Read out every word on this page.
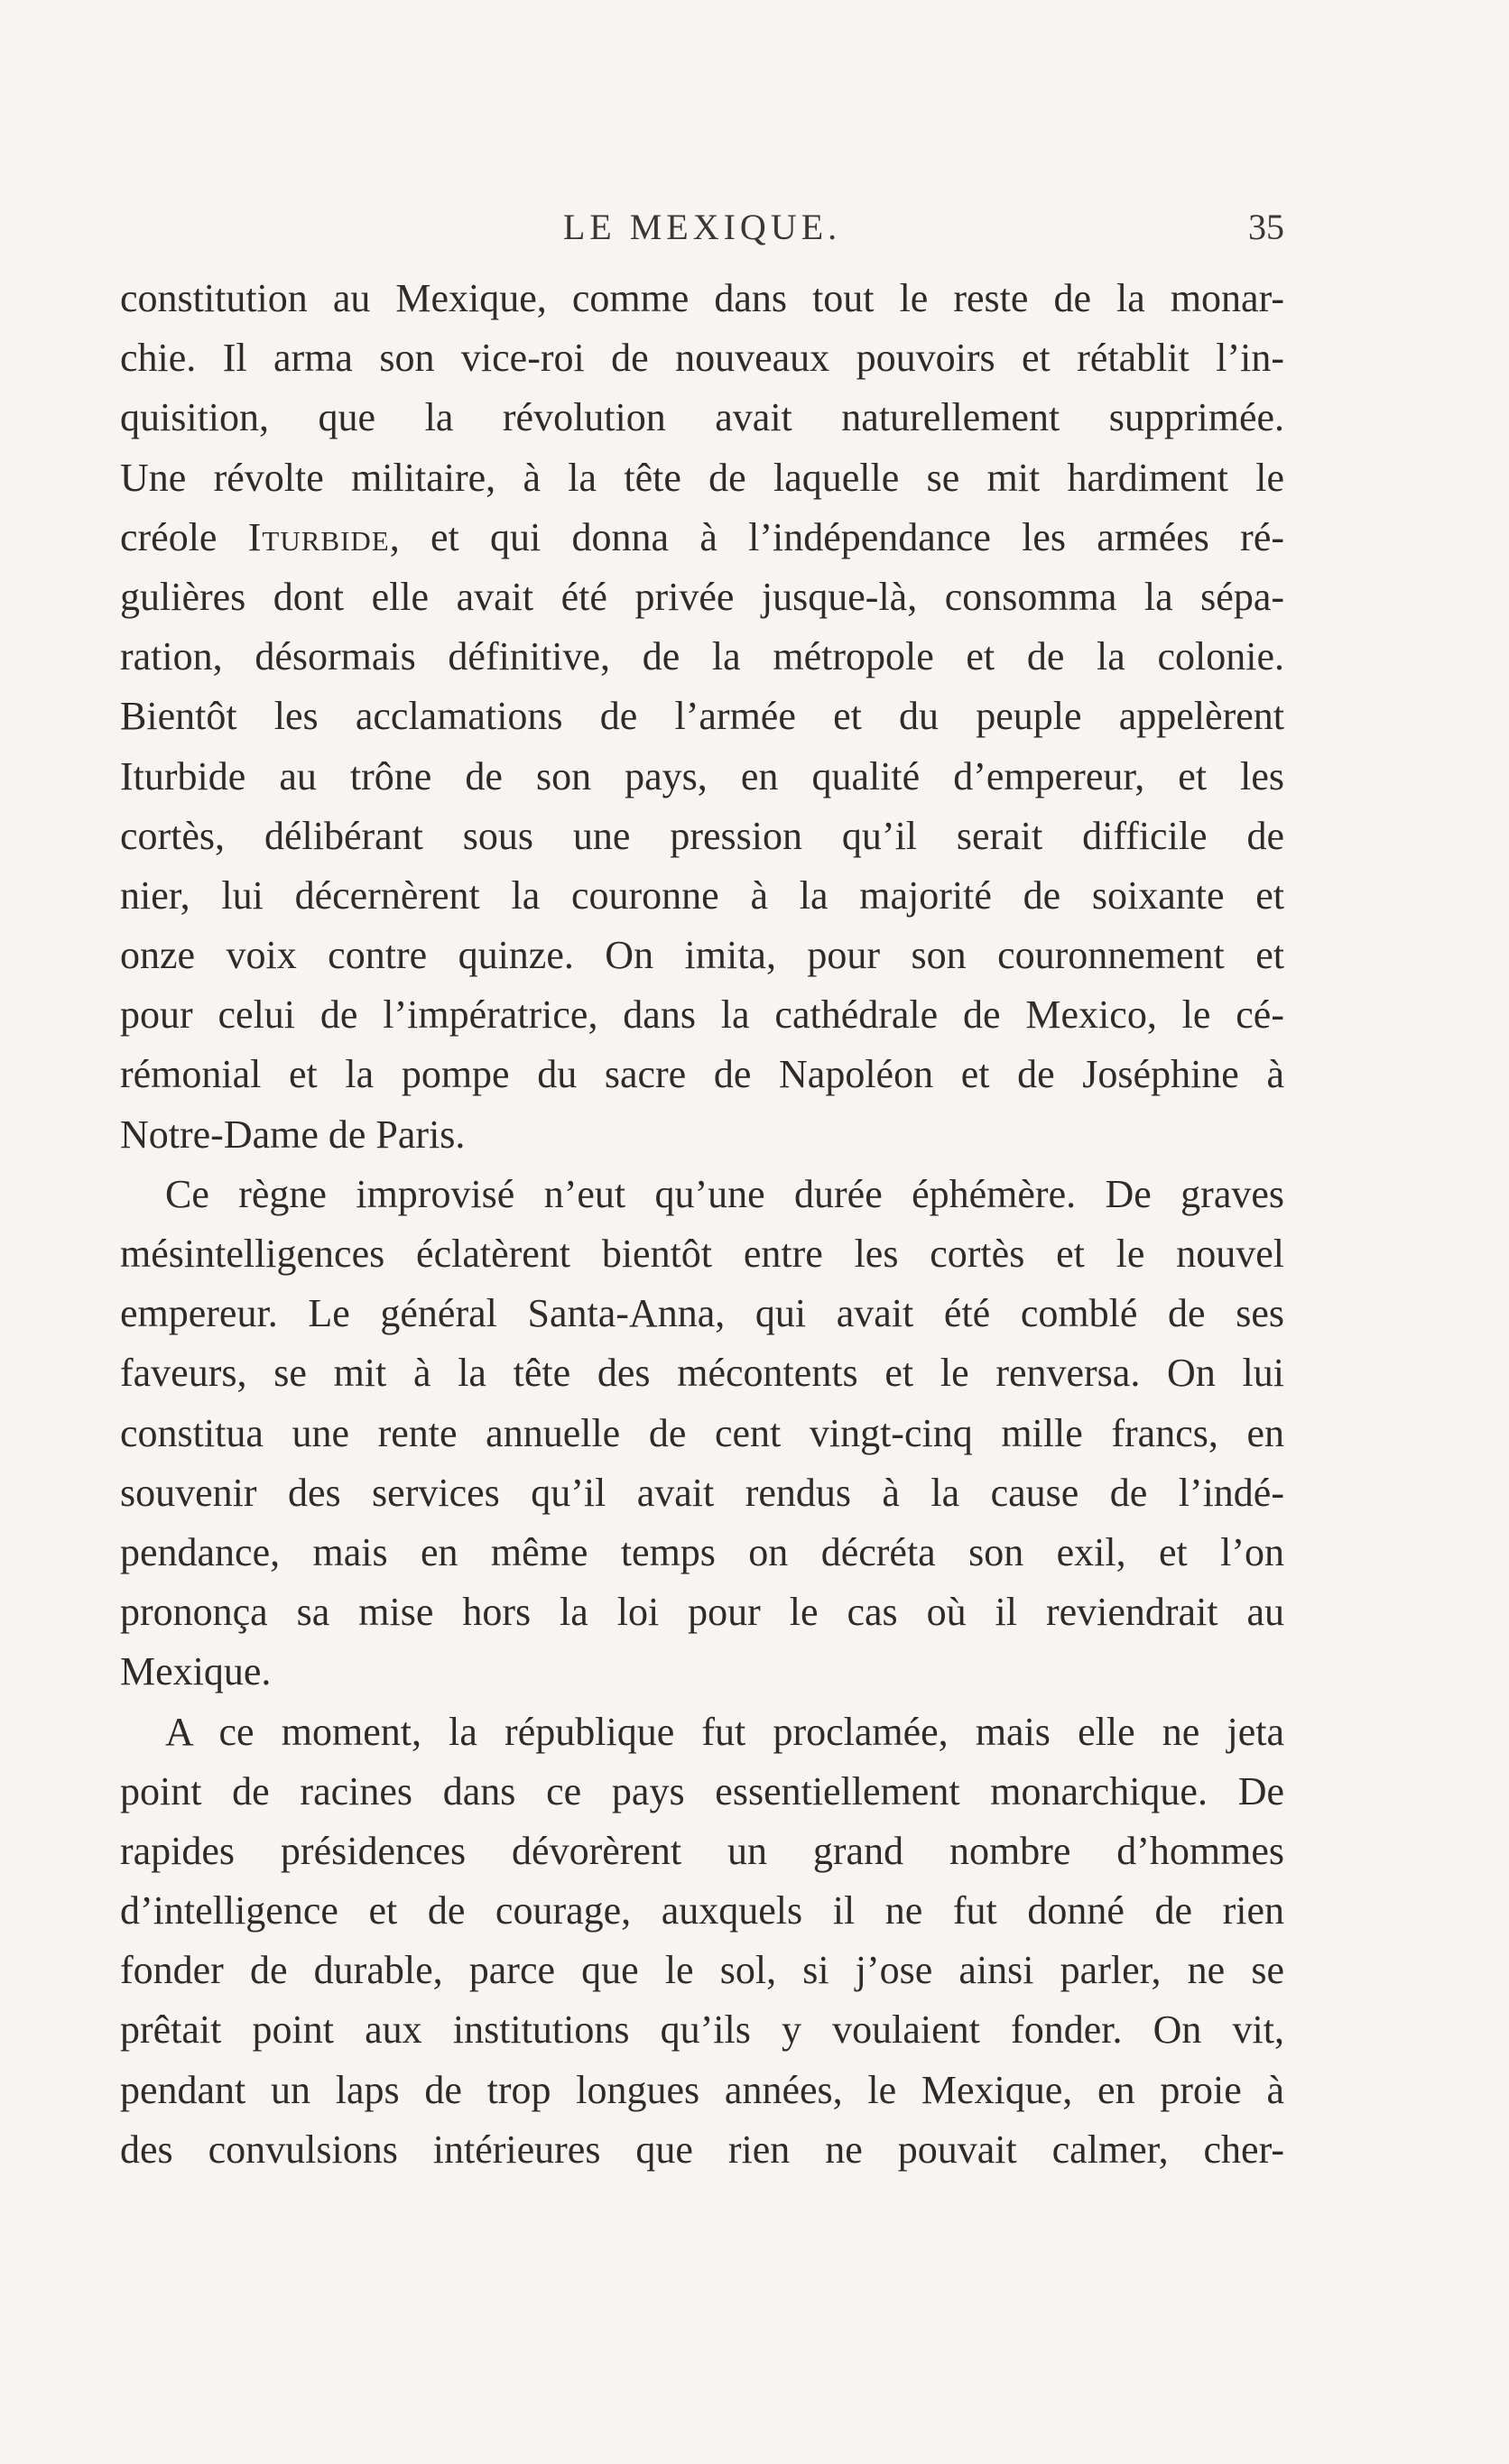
LE MEXIQUE.	35
constitution au Mexique, comme dans tout le reste de la monar-
chie. Il arma son vice-roi de nouveaux pouvoirs et rétablit l’in-
quisition, que la révolution avait naturellement supprimée.
Une révolte militaire, à la tête de laquelle se mit hardiment le
créole Iturbide, et qui donna à l’indépendance les armées ré-
gulières dont elle avait été privée jusque-là, consomma la sépa-
ration, désormais définitive, de la métropole et de la colonie.
Bientôt les acclamations de l’armée et du peuple appelèrent
Iturbide au trône de son pays, en qualité d’empereur, et les
cortès, délibérant sous une pression qu’il serait difficile de
nier, lui décernèrent la couronne à la majorité de soixante et
onze voix contre quinze. On imita, pour son couronnement et
pour celui de l’impératrice, dans la cathédrale de Mexico, le cé-
rémonial et la pompe du sacre de Napoléon et de Joséphine à
Notre-Dame de Paris.
Ce règne improvisé n’eut qu’une durée éphémère. De graves
mésintelligences éclatèrent bientôt entre les cortès et le nouvel
empereur. Le général Santa-Anna, qui avait été comblé de ses
faveurs, se mit à la tête des mécontents et le renversa. On lui
constitua une rente annuelle de cent vingt-cinq mille francs, en
souvenir des services qu’il avait rendus à la cause de l’indé-
pendance, mais en même temps on décréta son exil, et l’on
prononça sa mise hors la loi pour le cas où il reviendrait au
Mexique.
A ce moment, la république fut proclamée, mais elle ne jeta
point de racines dans ce pays essentiellement monarchique. De
rapides présidences dévorèrent un grand nombre d’hommes
d’intelligence et de courage, auxquels il ne fut donné de rien
fonder de durable, parce que le sol, si j’ose ainsi parler, ne se
prêtait point aux institutions qu’ils y voulaient fonder. On vit,
pendant un laps de trop longues années, le Mexique, en proie à
des convulsions intérieures que rien ne pouvait calmer, cher-
